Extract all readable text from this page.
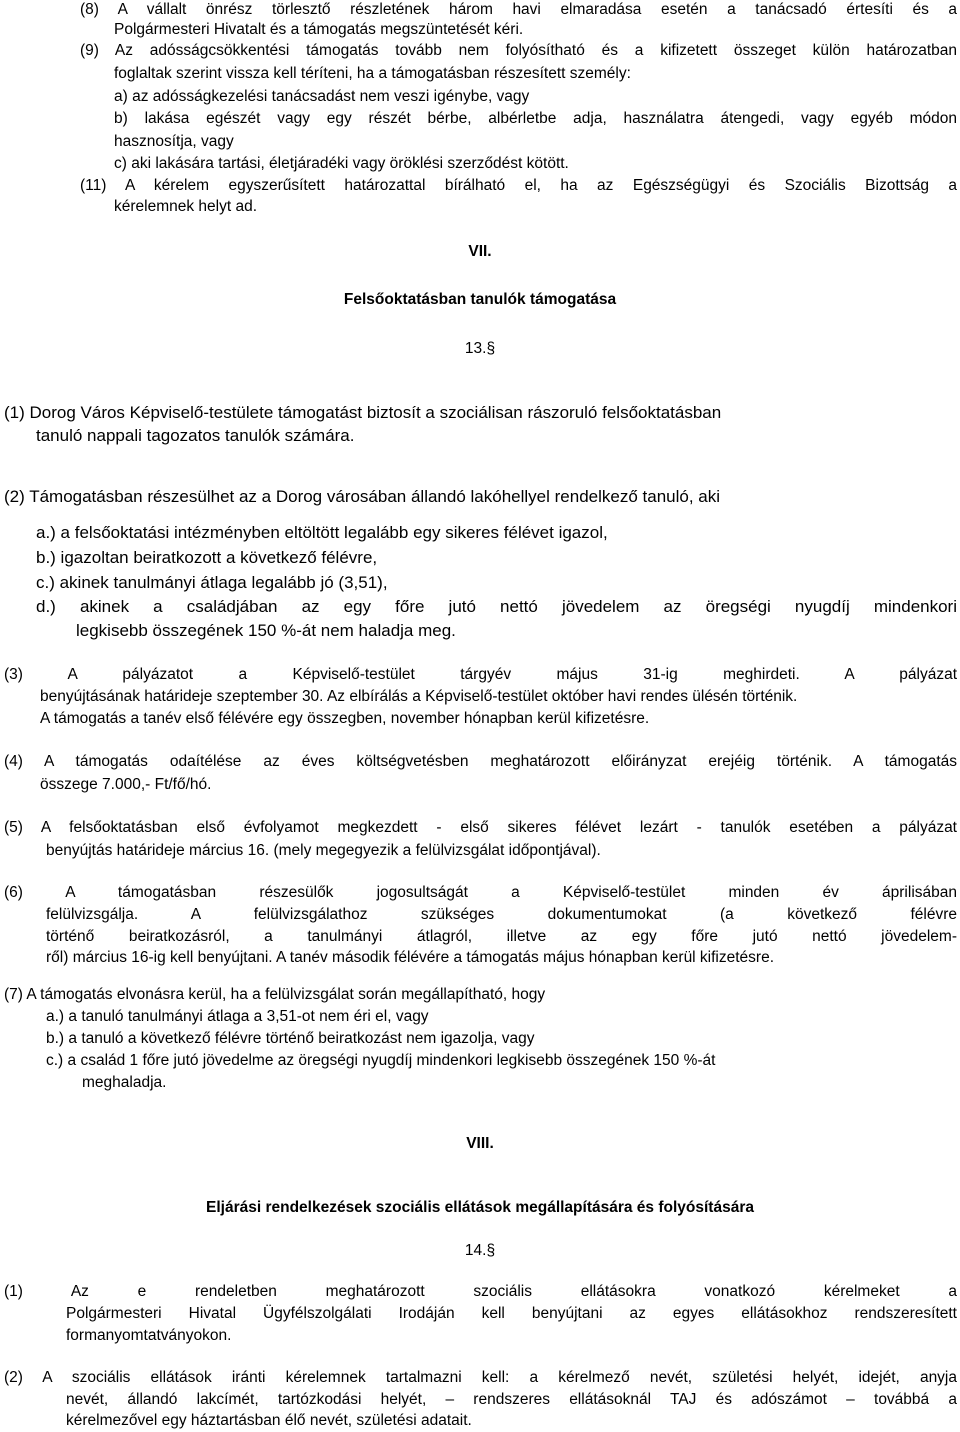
(8) A vállalt önrész törlesztő részletének három havi elmaradása esetén a tanácsadó értesíti és a
Polgármesteri Hivatalt és a támogatás megszüntetését kéri.
(9) Az adósságcsökkentési támogatás tovább nem folyósítható és a kifizetett összeget külön határozatban
foglaltak szerint vissza kell téríteni, ha a támogatásban részesített személy:
a) az adósságkezelési tanácsadást nem veszi igénybe, vagy
b) lakása egészét vagy egy részét bérbe, albérletbe adja, használatra átengedi, vagy egyéb módon
hasznosítja, vagy
c) aki lakására tartási, életjáradéki vagy öröklési szerződést kötött.
(11) A kérelem egyszerűsített határozattal bírálható el, ha az Egészségügyi és Szociális Bizottság a
kérelemnek helyt ad.
VII.
Felsőoktatásban tanulók támogatása
13.§
(1) Dorog Város Képviselő-testülete támogatást biztosít a szociálisan rászoruló felsőoktatásban
tanuló nappali tagozatos tanulók számára.
(2) Támogatásban részesülhet az a Dorog városában állandó lakóhellyel rendelkező tanuló, aki
a.) a felsőoktatási intézményben eltöltött legalább egy sikeres félévet igazol,
b.) igazoltan beiratkozott a következő félévre,
c.) akinek tanulmányi átlaga legalább jó (3,51),
d.) akinek a családjában az egy főre jutó nettó jövedelem az öregségi nyugdíj mindenkori
legkisebb összegének 150 %-át nem haladja meg.
(3) A pályázatot a Képviselő-testület tárgyév május 31-ig meghirdeti. A pályázat
benyújtásának határideje szeptember 30. Az elbírálás a Képviselő-testület október havi rendes ülésén történik.
A támogatás a tanév első félévére egy összegben, november hónapban kerül kifizetésre.
(4) A támogatás odaítélése az éves költségvetésben meghatározott előirányzat erejéig történik. A támogatás
összege 7.000,- Ft/fő/hó.
(5) A felsőoktatásban első évfolyamot megkezdett - első sikeres félévet lezárt - tanulók esetében a pályázat
benyújtás határideje március 16. (mely megegyezik a felülvizsgálat időpontjával).
(6) A támogatásban részesülők jogosultságát a Képviselő-testület minden év áprilisában
felülvizsgálja. A felülvizsgálathoz szükséges dokumentumokat (a következő félévre
történő beiratkozásról, a tanulmányi átlagról, illetve az egy főre jutó nettó jövedelem-
ről) március 16-ig kell benyújtani. A tanév második félévére a támogatás május hónapban kerül kifizetésre.
(7) A támogatás elvonásra kerül, ha a felülvizsgálat során megállapítható, hogy
a.) a tanuló tanulmányi átlaga a 3,51-ot nem éri el, vagy
b.) a tanuló a következő félévre történő beiratkozást nem igazolja, vagy
c.) a család 1 főre jutó jövedelme az öregségi nyugdíj mindenkori legkisebb összegének 150 %-át
meghaladja.
VIII.
Eljárási rendelkezések szociális ellátások megállapítására és folyósítására
14.§
(1) Az e rendeletben meghatározott szociális ellátásokra vonatkozó kérelmeket a
Polgármesteri Hivatal Ügyfélszolgálati Irodáján kell benyújtani az egyes ellátásokhoz rendszeresített
formanyomtatványokon.
(2) A szociális ellátások iránti kérelemnek tartalmazni kell: a kérelmező nevét, születési helyét, idejét, anyja
nevét, állandó lakcímét, tartózkodási helyét, – rendszeres ellátásoknál TAJ és adószámot – továbbá a
kérelmezővel egy háztartásban élő nevét, születési adatait.
